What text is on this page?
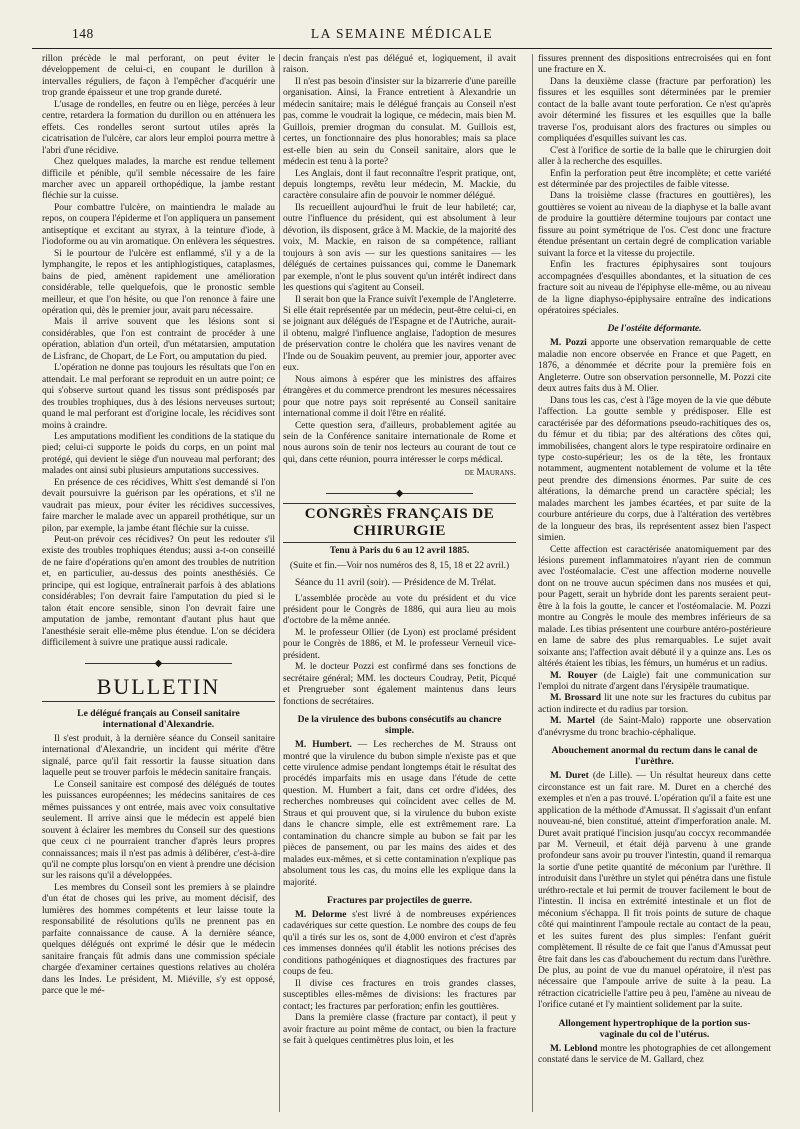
148	LA SEMAINE MÉDICALE

rillon précède le mal perforant, on peut éviter le développement de celui-ci, en coupant le durillon à intervalles réguliers, de façon à l'empêcher d'acquérir une trop grande épaisseur et une trop grande dureté.

L'usage de rondelles, en feutre ou en liège, percées à leur centre, retardera la formation du durillon ou en atténuera les effets. Ces rondelles seront surtout utiles après la cicatrisation de l'ulcère, car alors leur emploi pourra mettre à l'abri d'une récidive.

Chez quelques malades, la marche est rendue tellement difficile et pénible, qu'il semble nécessaire de les faire marcher avec un appareil orthopédique, la jambe restant fléchie sur la cuisse.

Pour combattre l'ulcère, on maintiendra le malade au repos, on coupera l'épiderme et l'on appliquera un pansement antiseptique et excitant au styrax, à la teinture d'iode, à l'iodoforme ou au vin aromatique. On enlèvera les séquestres.

Si le pourtour de l'ulcère est enflammé, s'il y a de la lymphangite, le repos et les antiphlogistiques, cataplasmes, bains de pied, amènent rapidement une amélioration considérable, telle quelquefois, que le pronostic semble meilleur, et que l'on hésite, ou que l'on renonce à faire une opération qui, dès le premier jour, avait paru nécessaire.

Mais il arrive souvent que les lésions sont si considérables, que l'on est contraint de procéder à une opération, ablation d'un orteil, d'un métatarsien, amputation de Lisfranc, de Chopart, de Le Fort, ou amputation du pied.

L'opération ne donne pas toujours les résultats que l'on en attendait. Le mal perforant se reproduit en un autre point; ce qui s'observe surtout quand les tissus sont prédisposés par des troubles trophiques, dus à des lésions nerveuses surtout; quand le mal perforant est d'origine locale, les récidives sont moins à craindre.

Les amputations modifient les conditions de la statique du pied; celui-ci supporte le poids du corps, en un point mal protégé, qui devient le siège d'un nouveau mal perforant; des malades ont ainsi subi plusieurs amputations successives.

En présence de ces récidives, Whitt s'est demandé si l'on devait poursuivre la guérison par les opérations, et s'il ne vaudrait pas mieux, pour éviter les récidives successives, faire marcher le malade avec un appareil prothétique, sur un pilon, par exemple, la jambe étant fléchie sur la cuisse.

Peut-on prévoir ces récidives? On peut les redouter s'il existe des troubles trophiques étendus; aussi a-t-on conseillé de ne faire d'opérations qu'en amont des troubles de nutrition et, en particulier, au-dessus des points anesthésiés. Ce principe, qui est logique, entraînerait parfois à des ablations considérables; l'on devrait faire l'amputation du pied si le talon était encore sensible, sinon l'on devrait faire une amputation de jambe, remontant d'autant plus haut que l'anesthésie serait elle-même plus étendue. L'on se décidera difficilement à suivre une pratique aussi radicale.

◆
BULLETIN
Le délégué français au Conseil sanitaire international d'Alexandrie.

Il s'est produit, à la dernière séance du Conseil sanitaire international d'Alexandrie, un incident qui mérite d'être signalé, parce qu'il fait ressortir la fausse situation dans laquelle peut se trouver parfois le médecin sanitaire français.

Le Conseil sanitaire est composé des délégués de toutes les puissances européennes; les médecins sanitaires de ces mêmes puissances y ont entrée, mais avec voix consultative seulement. Il arrive ainsi que le médecin est appelé bien souvent à éclairer les membres du Conseil sur des questions que ceux ci ne pourraient trancher d'après leurs propres connaissances; mais il n'est pas admis à délibérer, c'est-à-dire qu'il ne compte plus lorsqu'on en vient à prendre une décision sur les raisons qu'il a développées.

Les membres du Conseil sont les premiers à se plaindre d'un état de choses qui les prive, au moment décisif, des lumières des hommes compétents et leur laisse toute la responsabilité de résolutions qu'ils ne prennent pas en parfaite connaissance de cause. A la dernière séance, quelques délégués ont exprimé le désir que le médecin sanitaire français fût admis dans une commission spéciale chargée d'examiner certaines questions relatives au choléra dans les Indes. Le président, M. Miéville, s'y est opposé, parce que le mé-

decin français n'est pas délégué et, logiquement, il avait raison.

Il n'est pas besoin d'insister sur la bizarrerie d'une pareille organisation. Ainsi, la France entretient à Alexandrie un médecin sanitaire; mais le délégué français au Conseil n'est pas, comme le voudrait la logique, ce médecin, mais bien M. Guillois, premier drogman du consulat. M. Guillois est, certes, un fonctionnaire des plus honorables; mais sa place est-elle bien au sein du Conseil sanitaire, alors que le médecin est tenu à la porte?

Les Anglais, dont il faut reconnaître l'esprit pratique, ont, depuis longtemps, revêtu leur médecin, M. Mackie, du caractère consulaire afin de pouvoir le nommer délégué.

Ils recueillent aujourd'hui le fruit de leur habileté; car, outre l'influence du président, qui est absolument à leur dévotion, ils disposent, grâce à M. Mackie, de la majorité des voix, M. Mackie, en raison de sa compétence, ralliant toujours à son avis — sur les questions sanitaires — les délégués de certaines puissances qui, comme le Danemark par exemple, n'ont le plus souvent qu'un intérêt indirect dans les questions qui s'agitent au Conseil.

Il serait bon que la France suivît l'exemple de l'Angleterre. Si elle était représentée par un médecin, peut-être celui-ci, en se joignant aux délégués de l'Espagne et de l'Autriche, aurait-il obtenu, malgré l'influence anglaise, l'adoption de mesures de préservation contre le choléra que les navires venant de l'Inde ou de Souakim peuvent, au premier jour, apporter avec eux.

Nous aimons à espérer que les ministres des affaires étrangères et du commerce prendront les mesures nécessaires pour que notre pays soit représenté au Conseil sanitaire international comme il doit l'être en réalité.

Cette question sera, d'ailleurs, probablement agitée au sein de la Conférence sanitaire internationale de Rome et nous aurons soin de tenir nos lecteurs au courant de tout ce qui, dans cette réunion, pourra intéresser le corps médical.

de Maurans.

◆
CONGRÈS FRANÇAIS DE CHIRURGIE
Tenu à Paris du 6 au 12 avril 1885.
(Suite et fin.—Voir nos numéros des 8, 15, 18 et 22 avril.)

Séance du 11 avril (soir). — Présidence de M. Trélat.

L'assemblée procède au vote du président et du vice président pour le Congrès de 1886, qui aura lieu au mois d'octobre de la même année.

M. le professeur Ollier (de Lyon) est proclamé président pour le Congrès de 1886, et M. le professeur Verneuil vice-président.

M. le docteur Pozzi est confirmé dans ses fonctions de secrétaire général; MM. les docteurs Coudray, Petit, Picqué et Prengrueber sont également maintenus dans leurs fonctions de secrétaires.

De la virulence des bubons consécutifs au chancre simple.

M. Humbert. — Les recherches de M. Strauss ont montré que la virulence du bubon simple n'existe pas et que cette virulence admise pendant longtemps était le résultat des procédés imparfaits mis en usage dans l'étude de cette question. M. Humbert a fait, dans cet ordre d'idées, des recherches nombreuses qui coïncident avec celles de M. Straus et qui prouvent que, si la virulence du bubon existe dans le chancre simple, elle est extrêmement rare. La contamination du chancre simple au bubon se fait par les pièces de pansement, ou par les mains des aides et des malades eux-mêmes, et si cette contamination n'explique pas absolument tous les cas, du moins elle les explique dans la majorité.

Fractures par projectiles de guerre.

M. Delorme s'est livré à de nombreuses expériences cadavériques sur cette question. Le nombre des coups de feu qu'il a tirés sur les os, sont de 4,000 environ et c'est d'après ces immenses données qu'il établit les notions précises des conditions pathogéniques et diagnostiques des fractures par coups de feu.

Il divise ces fractures en trois grandes classes, susceptibles elles-mêmes de divisions: les fractures par contact; les fractures par perforation; enfin les gouttières.

Dans la première classe (fracture par contact), il peut y avoir fracture au point même de contact, ou bien la fracture se fait à quelques centimètres plus loin, et les

fissures prennent des dispositions entrecroisées qui en font une fracture en X.

Dans la deuxième classe (fracture par perforation) les fissures et les esquilles sont déterminées par le premier contact de la balle avant toute perforation. Ce n'est qu'après avoir déterminé les fissures et les esquilles que la balle traverse l'os, produisant alors des fractures ou simples ou compliquées d'esquilles suivant les cas.

C'est à l'orifice de sortie de la balle que le chirurgien doit aller à la recherche des esquilles.

Enfin la perforation peut être incomplète; et cette variété est déterminée par des projectiles de faible vitesse.

Dans la troisième classe (fractures en gouttières), les gouttières se voient au niveau de la diaphyse et la balle avant de produire la gouttière détermine toujours par contact une fissure au point symétrique de l'os. C'est donc une fracture étendue présentant un certain degré de complication variable suivant la force et la vitesse du projectile.

Enfin les fractures épiphysaires sont toujours accompagnées d'esquilles abondantes, et la situation de ces fracture soit au niveau de l'épiphyse elle-même, ou au niveau de la ligne diaphyso-épiphysaire entraîne des indications opératoires spéciales.

De l'ostéite déformante.

M. Pozzi apporte une observation remarquable de cette maladie non encore observée en France et que Pagett, en 1876, a dénommée et décrite pour la première fois en Angleterre. Outre son observation personnelle, M. Pozzi cite deux autres faits dus à M. Olier.

Dans tous les cas, c'est à l'âge moyen de la vie que débute l'affection. La goutte semble y prédisposer. Elle est caractérisée par des déformations pseudo-rachitiques des os, du fémur et du tibia; par des altérations des côtes qui, immobilisées, changent alors le type respiratoire ordinaire en type costo-supérieur; les os de la tête, les frontaux notamment, augmentent notablement de volume et la tête peut prendre des dimensions énormes. Par suite de ces altérations, la démarche prend un caractère spécial; les malades marchent les jambes écartées, et par suite de la courbure antérieure du corps, due à l'altération des vertèbres de la longueur des bras, ils représentent assez bien l'aspect simien.

Cette affection est caractérisée anatomiquement par des lésions purement inflammatoires n'ayant rien de commun avec l'ostéomalacie. C'est une affection moderne nouvelle dont on ne trouve aucun spécimen dans nos musées et qui, pour Pagett, serait un hybride dont les parents seraient peut-être à la fois la goutte, le cancer et l'ostéomalacie. M. Pozzi montre au Congrès le moule des membres inférieurs de sa malade. Les tibias présentent une courbure antéro-postérieure en lame de sabre des plus remarquables. Le sujet avait soixante ans; l'affection avait débuté il y a quinze ans. Les os altérés étaient les tibias, les fémurs, un humérus et un radius.

M. Rouyer (de Laigle) fait une communication sur l'emploi du nitrate d'argent dans l'érysipèle traumatique.

M. Brossard lit une note sur les fractures du cubitus par action indirecte et du radius par torsion.

M. Martel (de Saint-Malo) rapporte une observation d'anévrysme du tronc brachio-céphalique.

Abouchement anormal du rectum dans le canal de l'urèthre.

M. Duret (de Lille). — Un résultat heureux dans cette circonstance est un fait rare. M. Duret en a cherché des exemples et n'en a pas trouvé. L'opération qu'il a faite est une application de la méthode d'Amussat. Il s'agissait d'un enfant nouveau-né, bien constitué, atteint d'imperforation anale. M. Duret avait pratiqué l'incision jusqu'au coccyx recommandée par M. Verneuil, et était déjà parvenu à une grande profondeur sans avoir pu trouver l'intestin, quand il remarqua la sortie d'une petite quantité de méconium par l'urèthre. Il introduisit dans l'urèthre un stylet qui pénétra dans une fistule uréthro-rectale et lui permit de trouver facilement le bout de l'intestin. Il incisa en extrémité intestinale et un flot de méconium s'échappa. Il fit trois points de suture de chaque côté qui maintinrent l'ampoule rectale au contact de la peau, et les suites furent des plus simples: l'enfant guérit complètement. Il résulte de ce fait que l'anus d'Amussat peut être fait dans les cas d'abouchement du rectum dans l'urèthre. De plus, au point de vue du manuel opératoire, il n'est pas nécessaire que l'ampoule arrive de suite à la peau. La rétraction cicatricielle l'attire peu à peu, l'amène au niveau de l'orifice cutané et l'y maintient solidement par la suite.

Allongement hypertrophique de la portion sus-vaginale du col de l'utérus.

M. Leblond montre les photographies de cet allongement constaté dans le service de M. Gallard, chez
